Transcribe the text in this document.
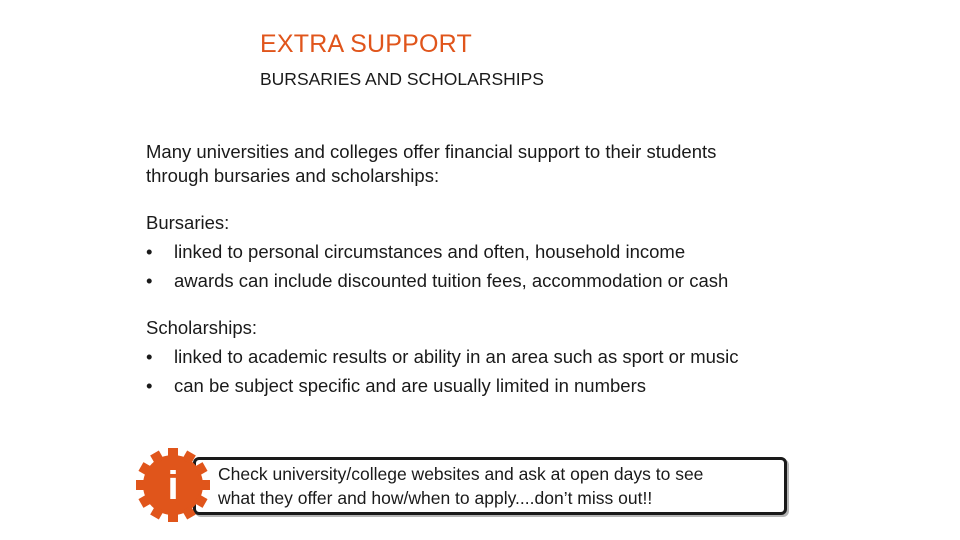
EXTRA SUPPORT
BURSARIES AND SCHOLARSHIPS
Many universities and colleges offer financial support to their students
through bursaries and scholarships:
Bursaries:
• linked to personal circumstances and often, household income
• awards can include discounted tuition fees, accommodation or cash
Scholarships:
• linked to academic results or ability in an area such as sport or music
• can be subject specific and are usually limited in numbers
Check university/college websites and ask at open days to see
what they offer and how/when to apply....don’t miss out!!
i
